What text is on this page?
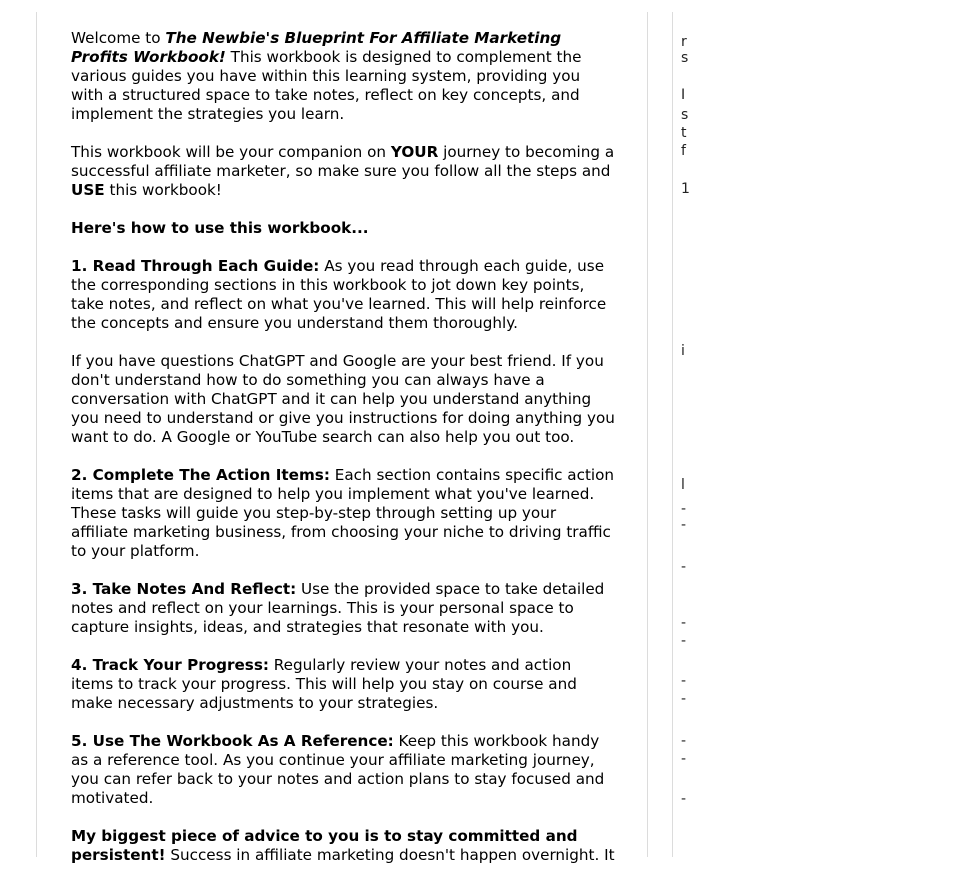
Welcome to The Newbie's Blueprint For Affiliate Marketing Profits Workbook! This workbook is designed to complement the various guides you have within this learning system, providing you with a structured space to take notes, reflect on key concepts, and implement the strategies you learn.

This workbook will be your companion on YOUR journey to becoming a successful affiliate marketer, so make sure you follow all the steps and USE this workbook!

Here's how to use this workbook...

1. Read Through Each Guide: As you read through each guide, use the corresponding sections in this workbook to jot down key points, take notes, and reflect on what you've learned. This will help reinforce the concepts and ensure you understand them thoroughly.

If you have questions ChatGPT and Google are your best friend. If you don't understand how to do something you can always have a conversation with ChatGPT and it can help you understand anything you need to understand or give you instructions for doing anything you want to do. A Google or YouTube search can also help you out too.

2. Complete The Action Items: Each section contains specific action items that are designed to help you implement what you've learned. These tasks will guide you step-by-step through setting up your affiliate marketing business, from choosing your niche to driving traffic to your platform.

3. Take Notes And Reflect: Use the provided space to take detailed notes and reflect on your learnings. This is your personal space to capture insights, ideas, and strategies that resonate with you.

4. Track Your Progress: Regularly review your notes and action items to track your progress. This will help you stay on course and make necessary adjustments to your strategies.

5. Use The Workbook As A Reference: Keep this workbook handy as a reference tool. As you continue your affiliate marketing journey, you can refer back to your notes and action plans to stay focused and motivated.

My biggest piece of advice to you is to stay committed and persistent! Success in affiliate marketing doesn't happen overnight. It

r
s
I
s
t
f
1
i
l
-
-
-
-
-
-
-
-
-
-
